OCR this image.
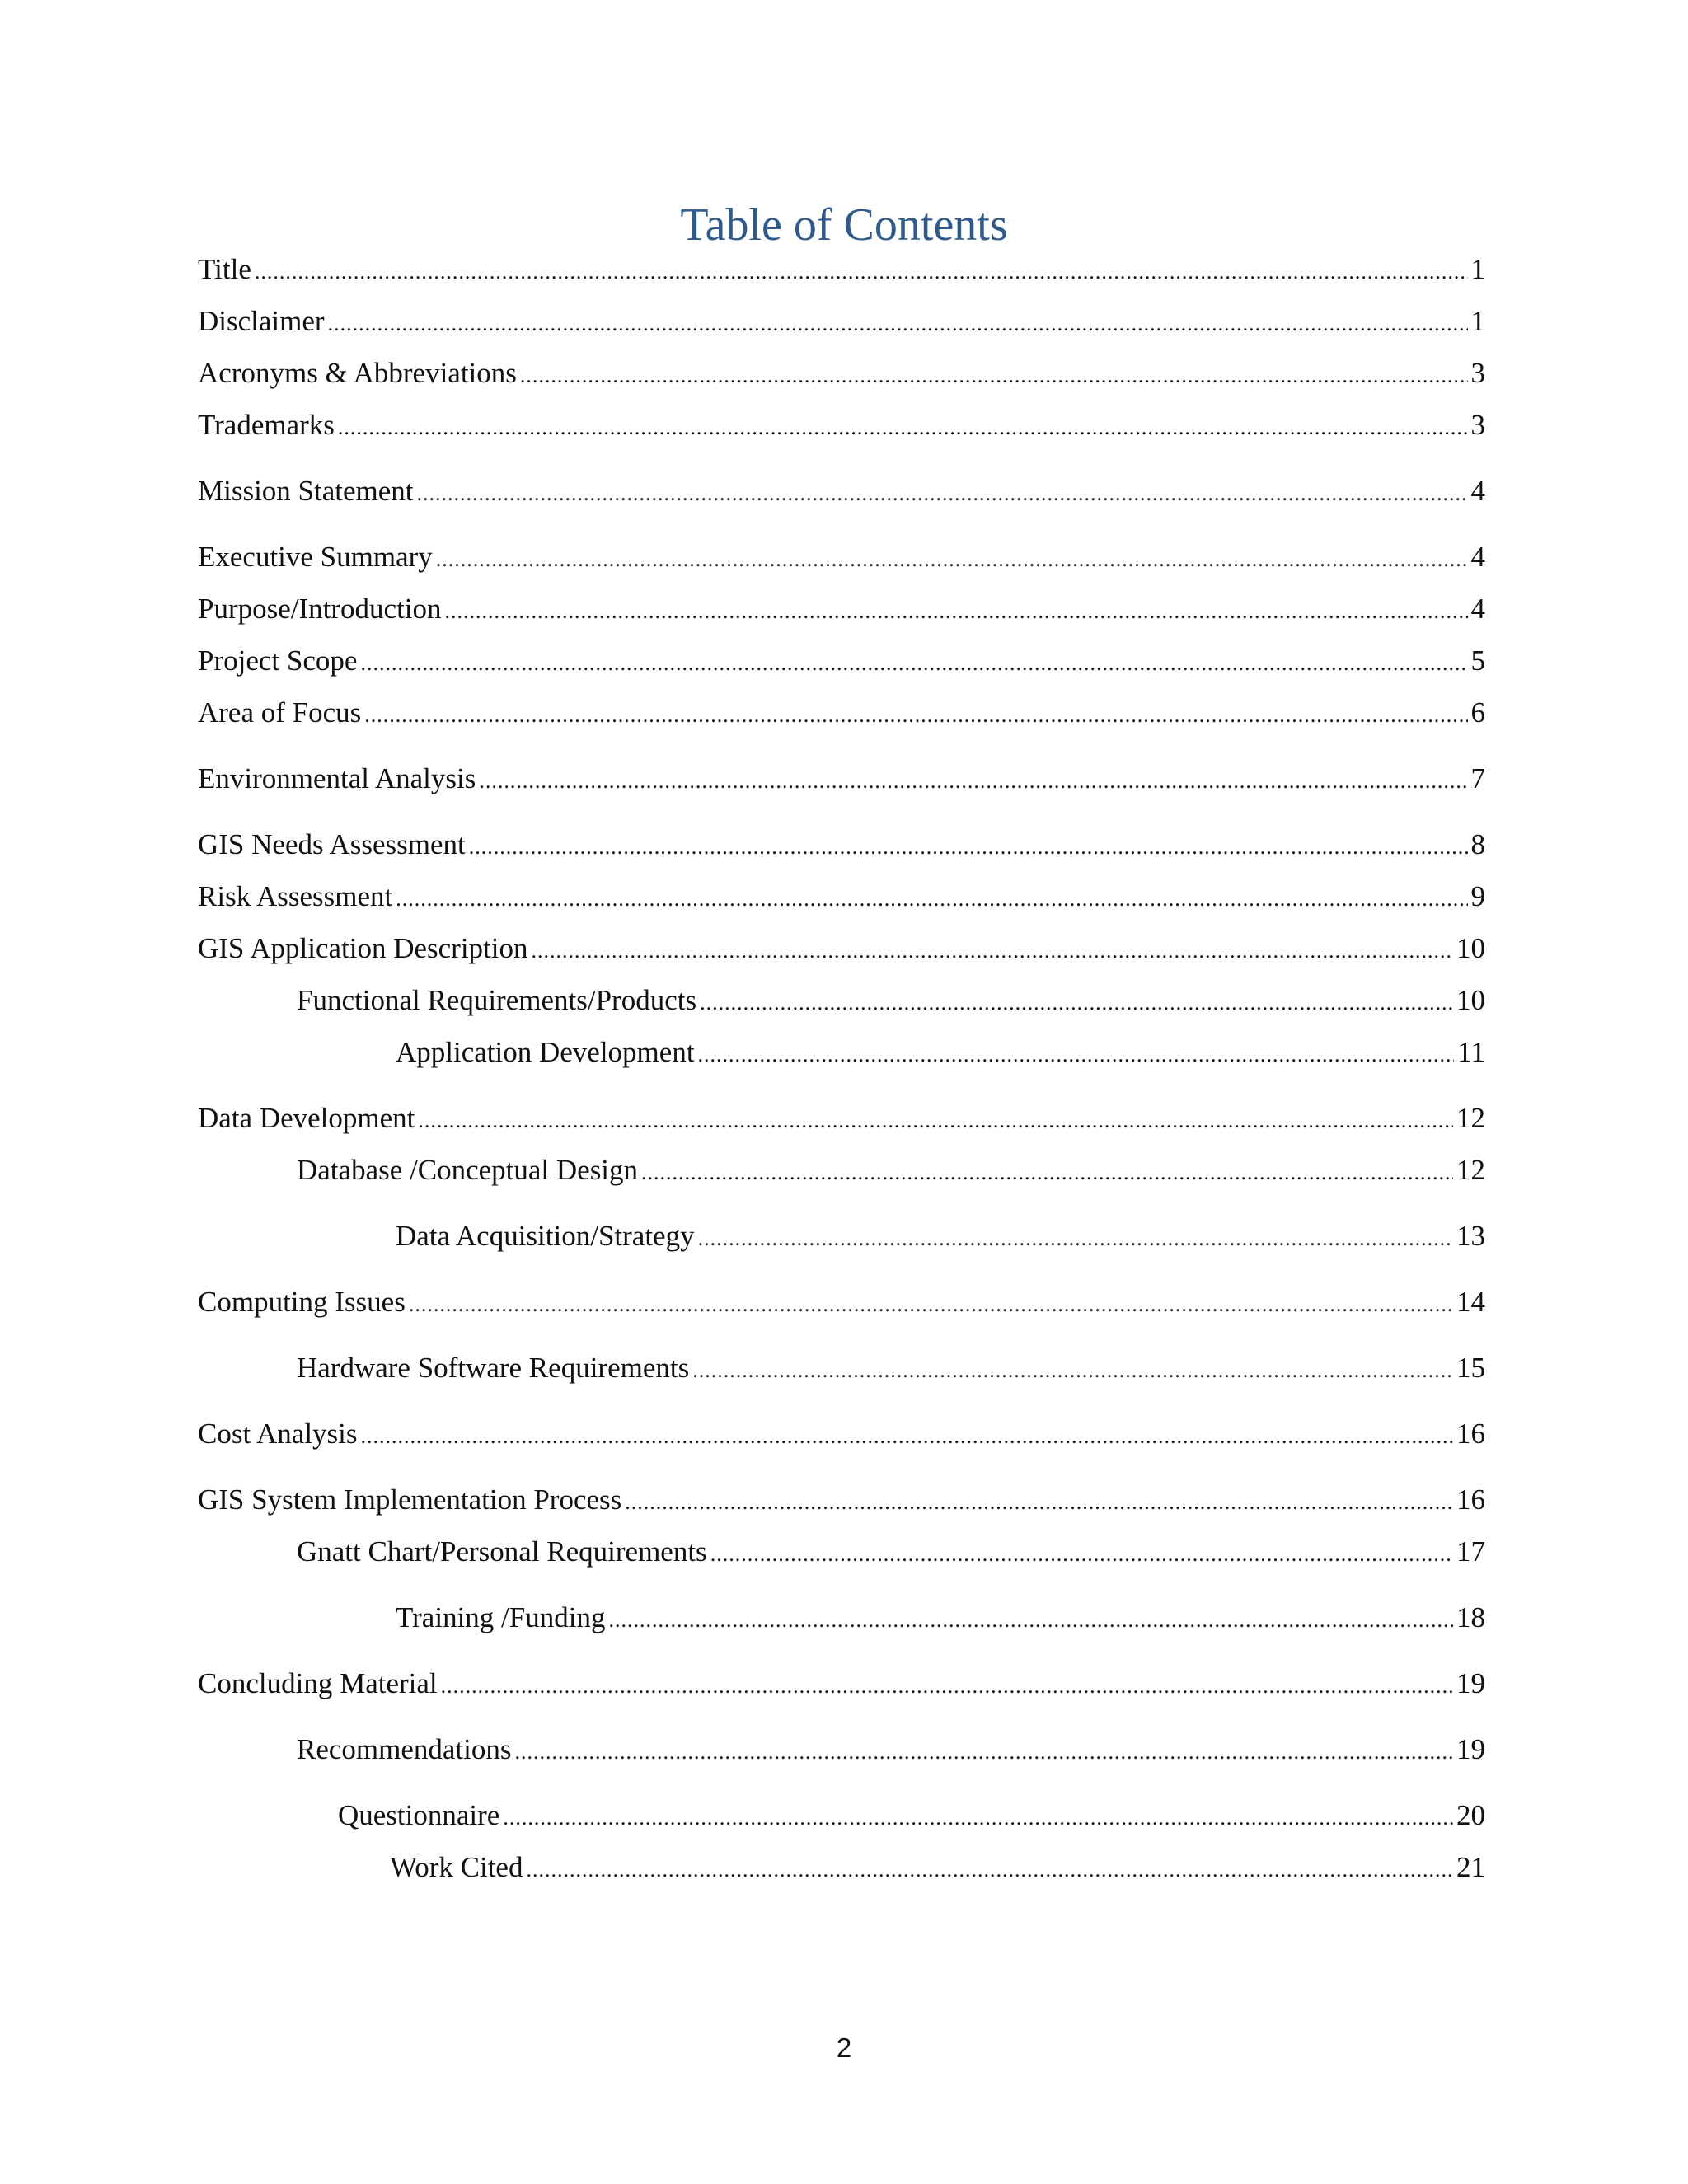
Table of Contents
Title .....	1
Disclaimer .....	1
Acronyms & Abbreviations .....	3
Trademarks .....	3
Mission Statement .....	4
Executive Summary .....	4
Purpose/Introduction .....	4
Project Scope .....	5
Area of Focus .....	6
Environmental Analysis .....	7
GIS Needs Assessment .....	8
Risk Assessment .....	9
GIS Application Description .....	10
Functional Requirements/Products .....	10
Application Development .....	11
Data Development .....	12
Database /Conceptual Design .....	12
Data Acquisition/Strategy .....	13
Computing Issues .....	14
Hardware Software Requirements .....	15
Cost Analysis .....	16
GIS System Implementation Process .....	16
Gnatt Chart/Personal Requirements .....	17
Training /Funding .....	18
Concluding Material .....	19
Recommendations .....	19
Questionnaire .....	20
Work Cited .....	21
2
